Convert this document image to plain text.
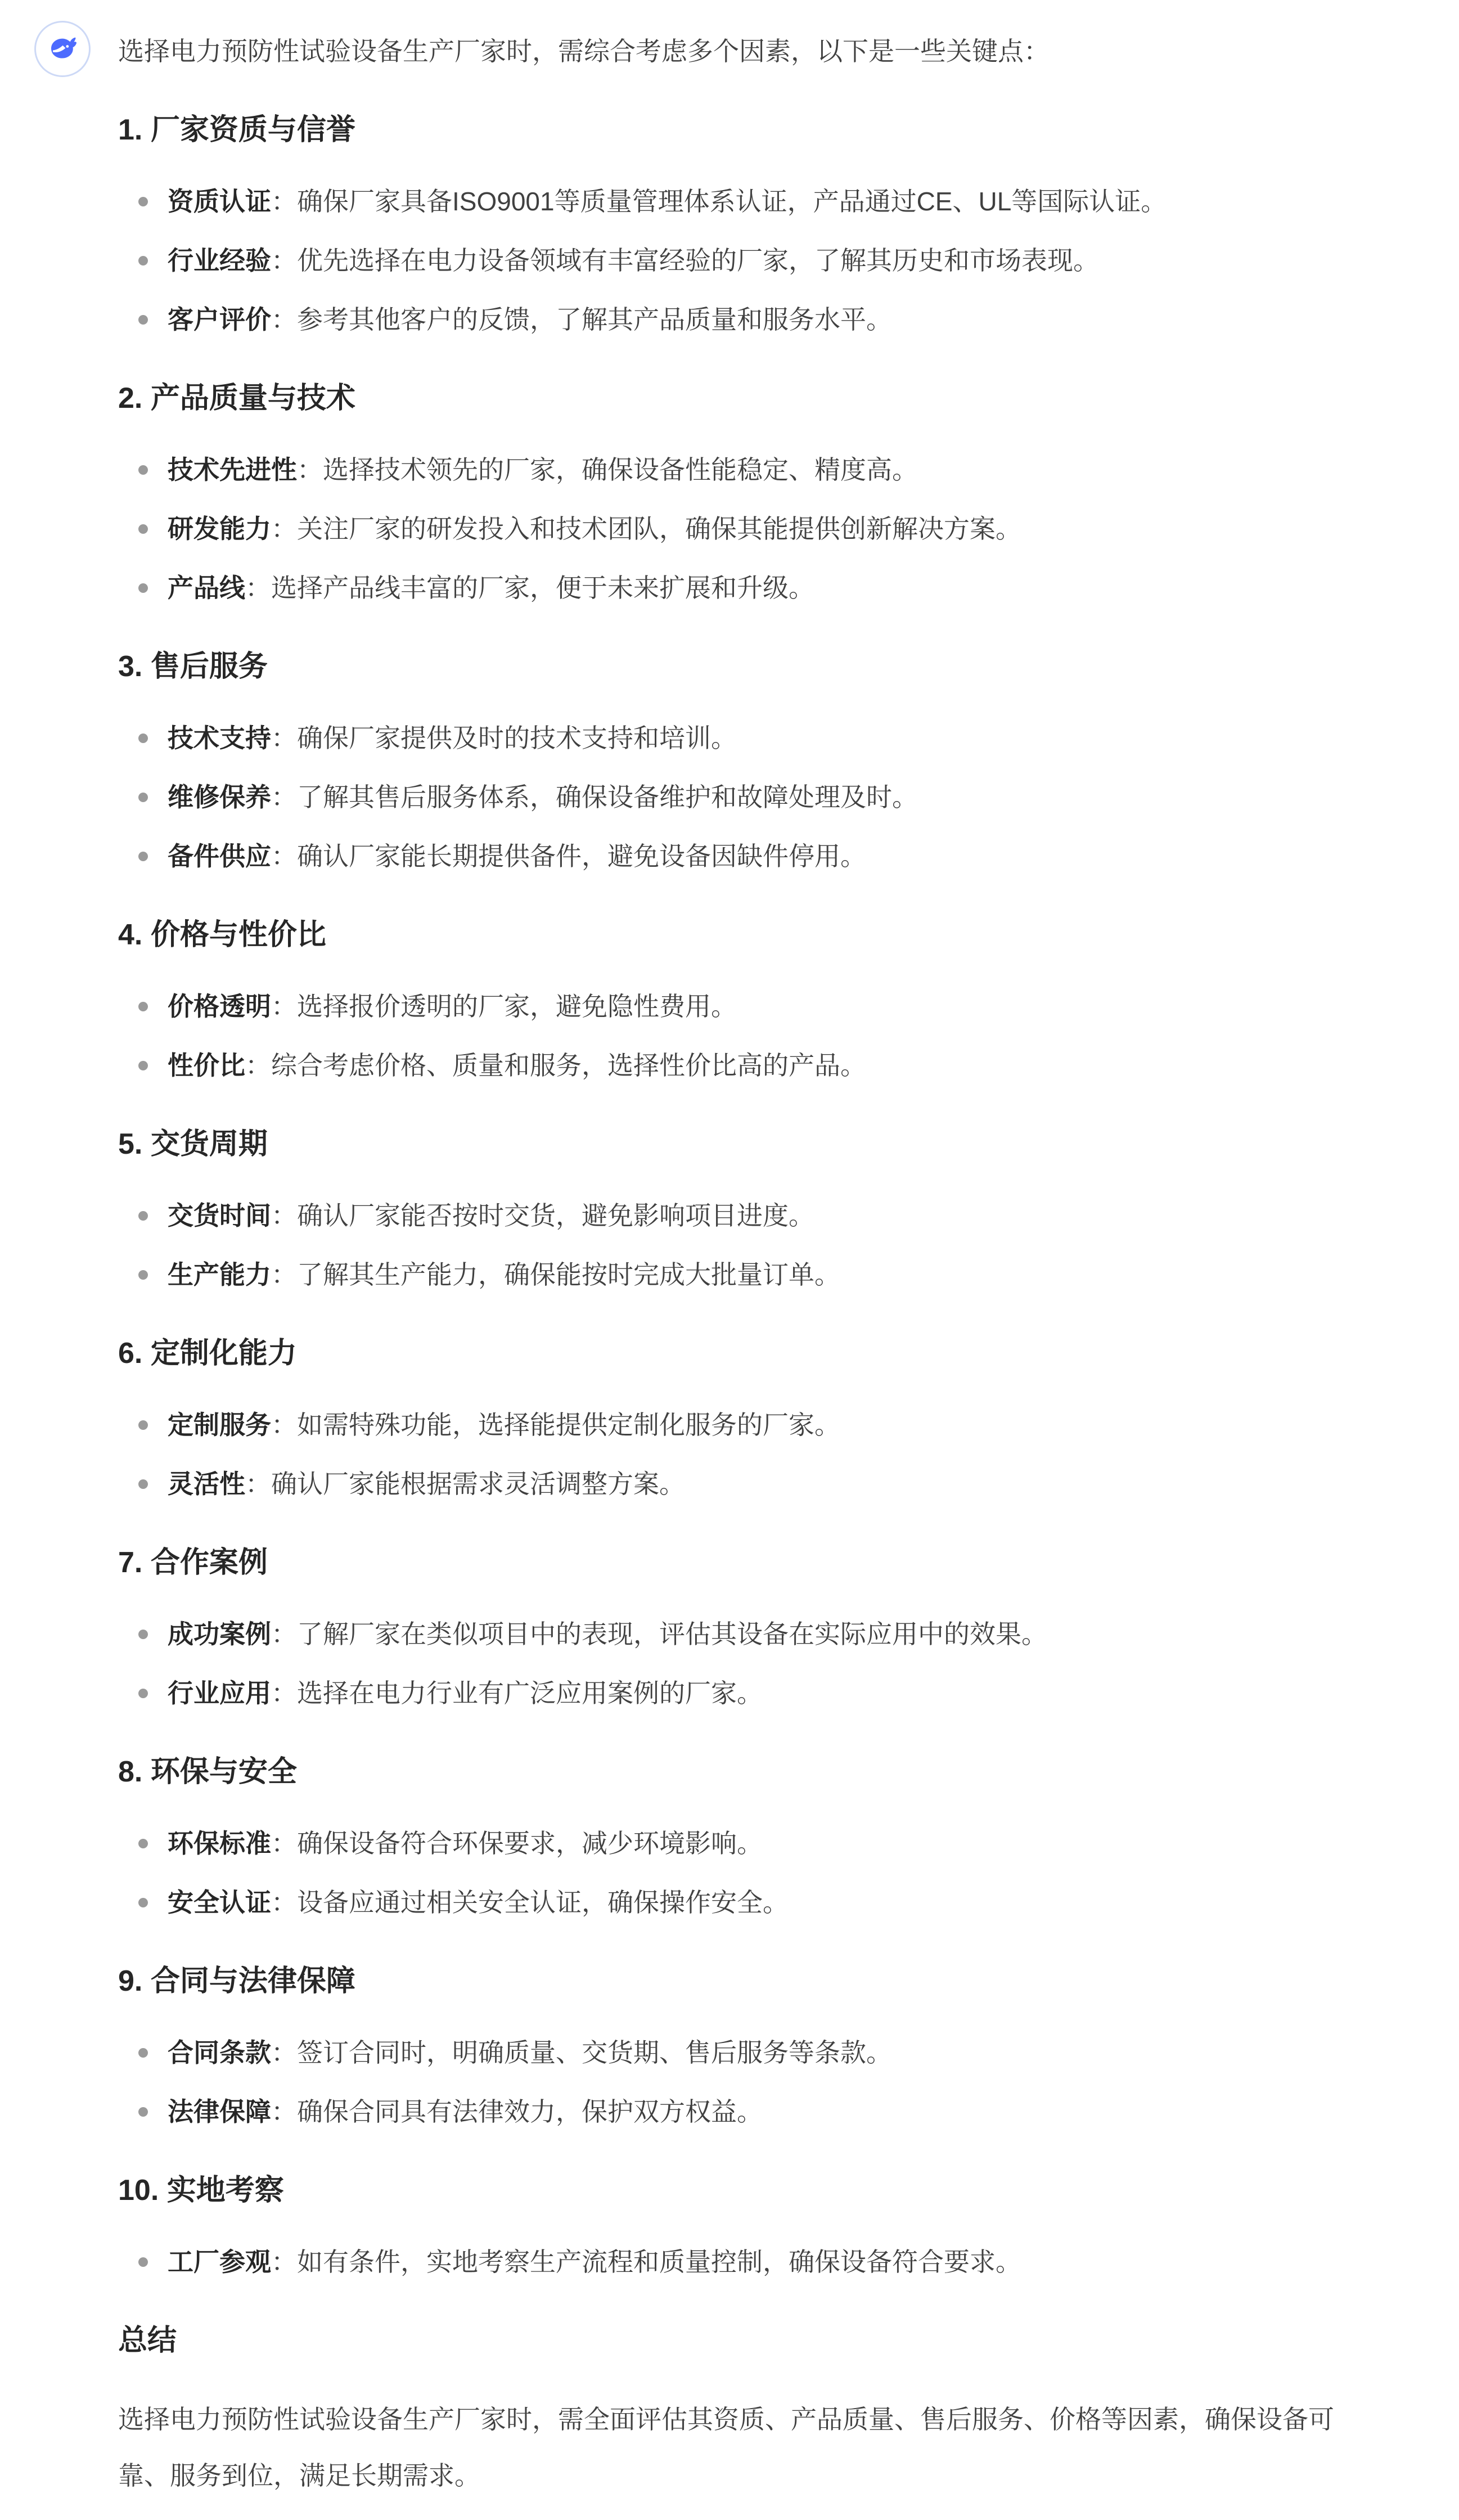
选择电力预防性试验设备生产厂家时，需综合考虑多个因素，以下是一些关键点：

1. 厂家资质与信誉
资质认证：确保厂家具备ISO9001等质量管理体系认证，产品通过CE、UL等国际认证。
行业经验：优先选择在电力设备领域有丰富经验的厂家，了解其历史和市场表现。
客户评价：参考其他客户的反馈，了解其产品质量和服务水平。
2. 产品质量与技术
技术先进性：选择技术领先的厂家，确保设备性能稳定、精度高。
研发能力：关注厂家的研发投入和技术团队，确保其能提供创新解决方案。
产品线：选择产品线丰富的厂家，便于未来扩展和升级。
3. 售后服务
技术支持：确保厂家提供及时的技术支持和培训。
维修保养：了解其售后服务体系，确保设备维护和故障处理及时。
备件供应：确认厂家能长期提供备件，避免设备因缺件停用。
4. 价格与性价比
价格透明：选择报价透明的厂家，避免隐性费用。
性价比：综合考虑价格、质量和服务，选择性价比高的产品。
5. 交货周期
交货时间：确认厂家能否按时交货，避免影响项目进度。
生产能力：了解其生产能力，确保能按时完成大批量订单。
6. 定制化能力
定制服务：如需特殊功能，选择能提供定制化服务的厂家。
灵活性：确认厂家能根据需求灵活调整方案。
7. 合作案例
成功案例：了解厂家在类似项目中的表现，评估其设备在实际应用中的效果。
行业应用：选择在电力行业有广泛应用案例的厂家。
8. 环保与安全
环保标准：确保设备符合环保要求，减少环境影响。
安全认证：设备应通过相关安全认证，确保操作安全。
9. 合同与法律保障
合同条款：签订合同时，明确质量、交货期、售后服务等条款。
法律保障：确保合同具有法律效力，保护双方权益。
10. 实地考察
工厂参观：如有条件，实地考察生产流程和质量控制，确保设备符合要求。
总结

选择电力预防性试验设备生产厂家时，需全面评估其资质、产品质量、售后服务、价格等因素，确保设备可靠、服务到位，满足长期需求。
